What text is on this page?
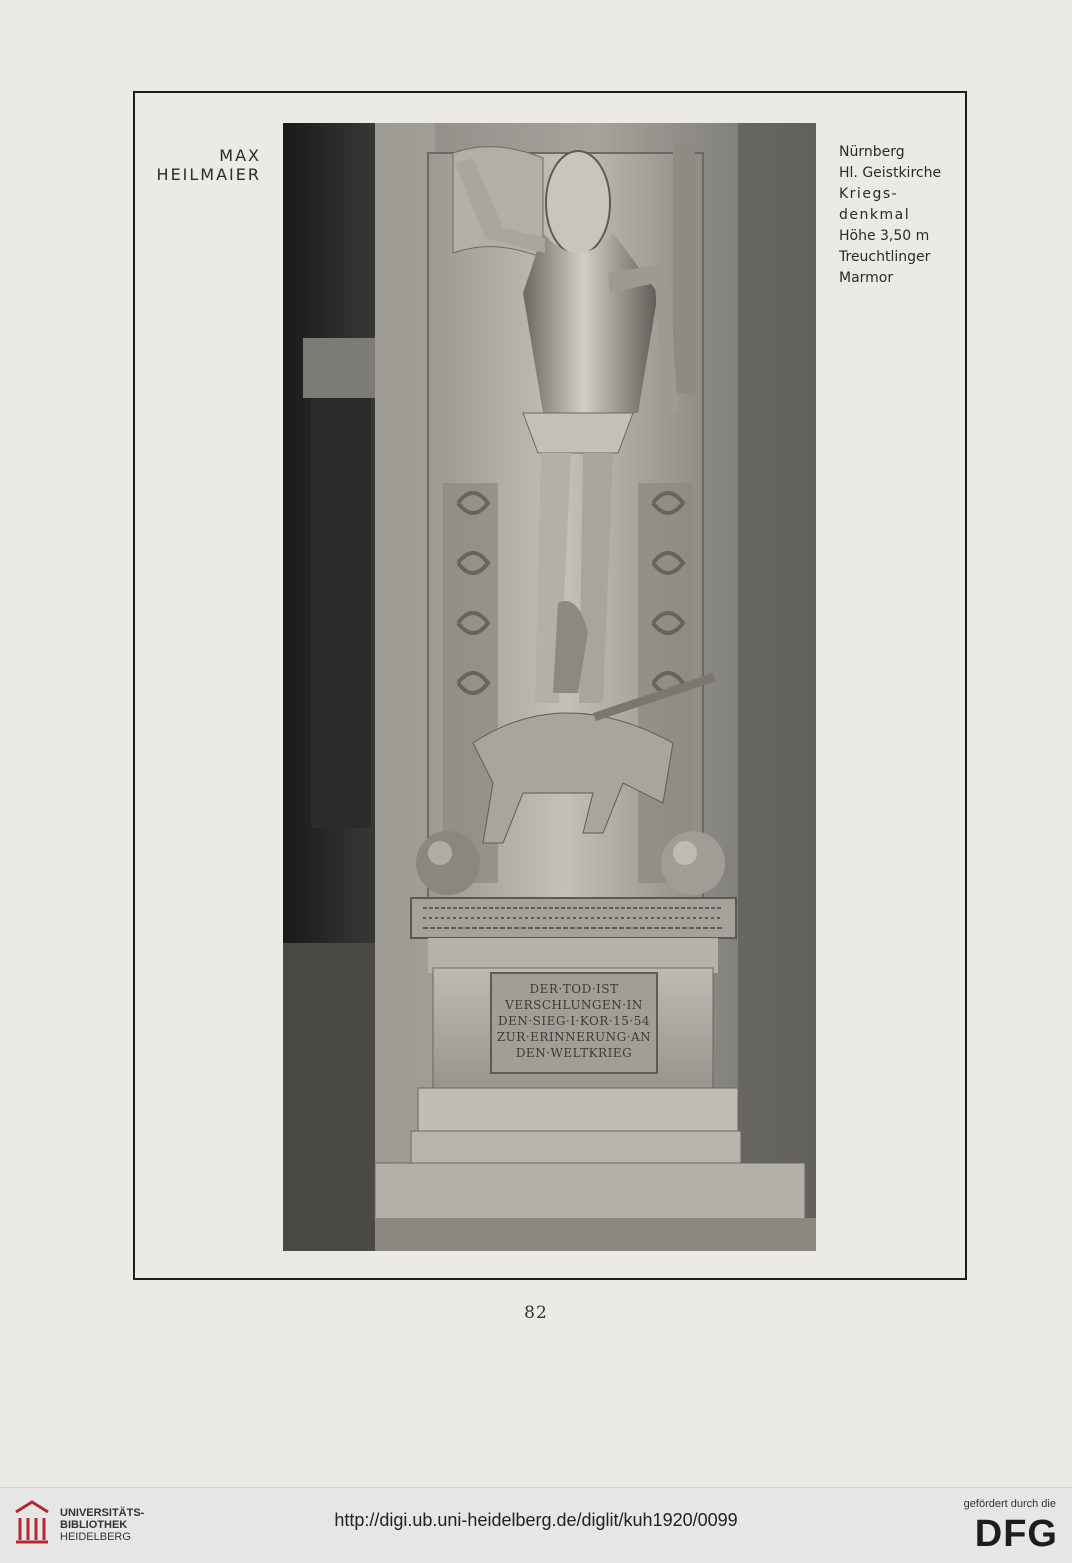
MAX
HEILMAIER
Nürnberg
Hl. Geistkirche
Kriegs-
denkmal
Höhe 3,50 m
Treuchtlinger
Marmor
DER·TOD·IST
VERSCHLUNGEN·IN
DEN·SIEG·I·KOR·15·54
ZUR·ERINNERUNG·AN
DEN·WELTKRIEG
82
UNIVERSITÄTS-
BIBLIOTHEK
HEIDELBERG
http://digi.ub.uni-heidelberg.de/diglit/kuh1920/0099
gefördert durch die
DFG
